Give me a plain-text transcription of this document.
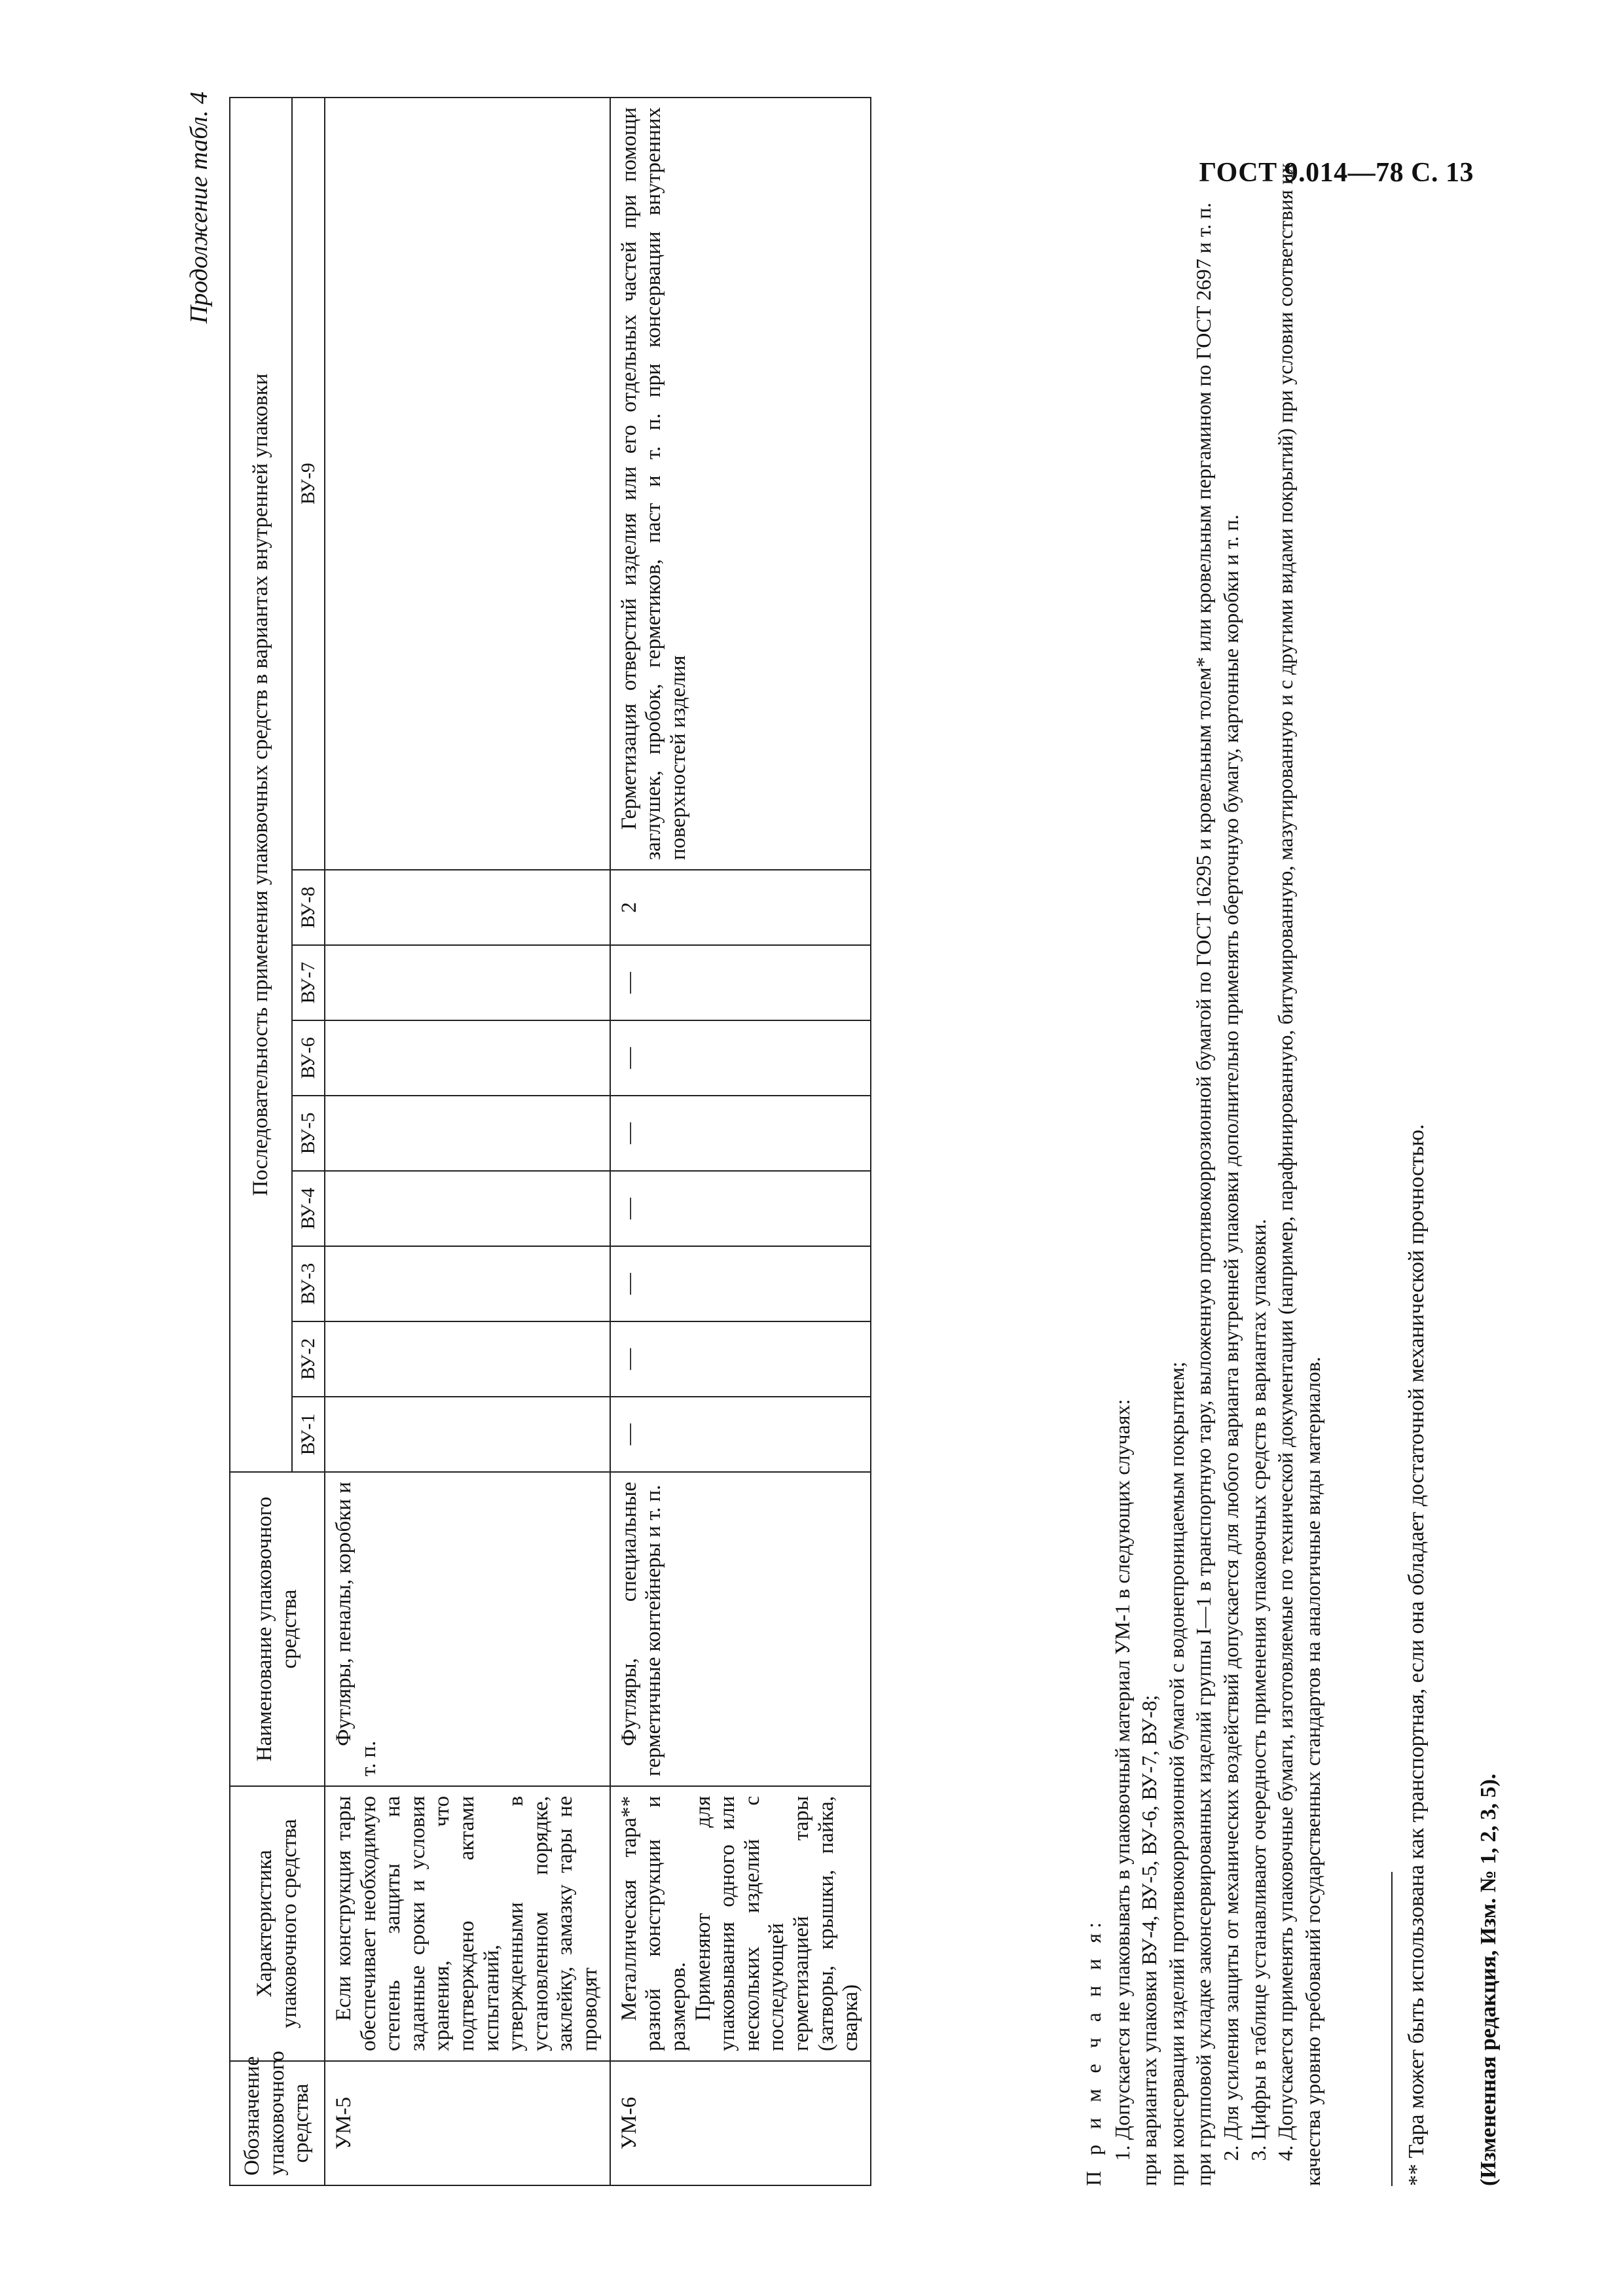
ГОСТ 9.014—78 С. 13
Продолжение табл. 4
Обозначение упаковочного средства	Характеристика упаковочного средства	Наименование упаковочного средства	Последовательность применения упаковочных средств в вариантах внутренней упаковки								
			ВУ-1	ВУ-2	ВУ-3	ВУ-4	ВУ-5	ВУ-6	ВУ-7	ВУ-8	ВУ-9
УМ-5	Если конструкция тары обеспечивает необходимую степень защиты на заданные сроки и условия хранения, что подтверждено актами испытаний, утвержденными в установленном порядке, заклейку, замазку тары не проводят	Футляры, пеналы, коробки и т. п.									
УМ-6	Металлическая тара** разной конструкции и размеров. Применяют для упаковывания одного или нескольких изделий с последующей герметизацией тары (затворы, крышки, пайка, сварка)	Футляры, специальные герметичные контейнеры и т. п.	—	—	—	—	—	—	—	2	Герметизация отверстий изделия или его отдельных частей при помощи заглушек, пробок, герметиков, паст и т. п. при консервации внутренних поверхностей изделия

П р и м е ч а н и я: 1. Допускается не упаковывать в упаковочный материал УМ-1 в следующих случаях: при вариантах упаковки ВУ-4, ВУ-5, ВУ-6, ВУ-7, ВУ-8; при консервации изделий противокоррозионной бумагой с водонепроницаемым покрытием; при групповой укладке законсервированных изделий группы I—1 в транспортную тару, выложенную противокоррозионной бумагой по ГОСТ 16295 и кровельным толем* или кровельным пергамином по ГОСТ 2697 и т. п. 2. Для усиления защиты от механических воздействий допускается для любого варианта внутренней упаковки дополнительно применять оберточную бумагу, картонные коробки и т. п. 3. Цифры в таблице устанавливают очередность применения упаковочных средств в вариантах упаковки. 4. Допускается применять упаковочные бумаги, изготовляемые по технической документации (например, парафинированную, битумированную, мазутированную и с другими видами покрытий) при условии соответствия их качества уровню требований государственных стандартов на аналогичные виды материалов.	** Тара может быть использована как транспортная, если она обладает достаточной механической прочностью. (Измененная редакция, Изм. № 1, 2, 3, 5).
